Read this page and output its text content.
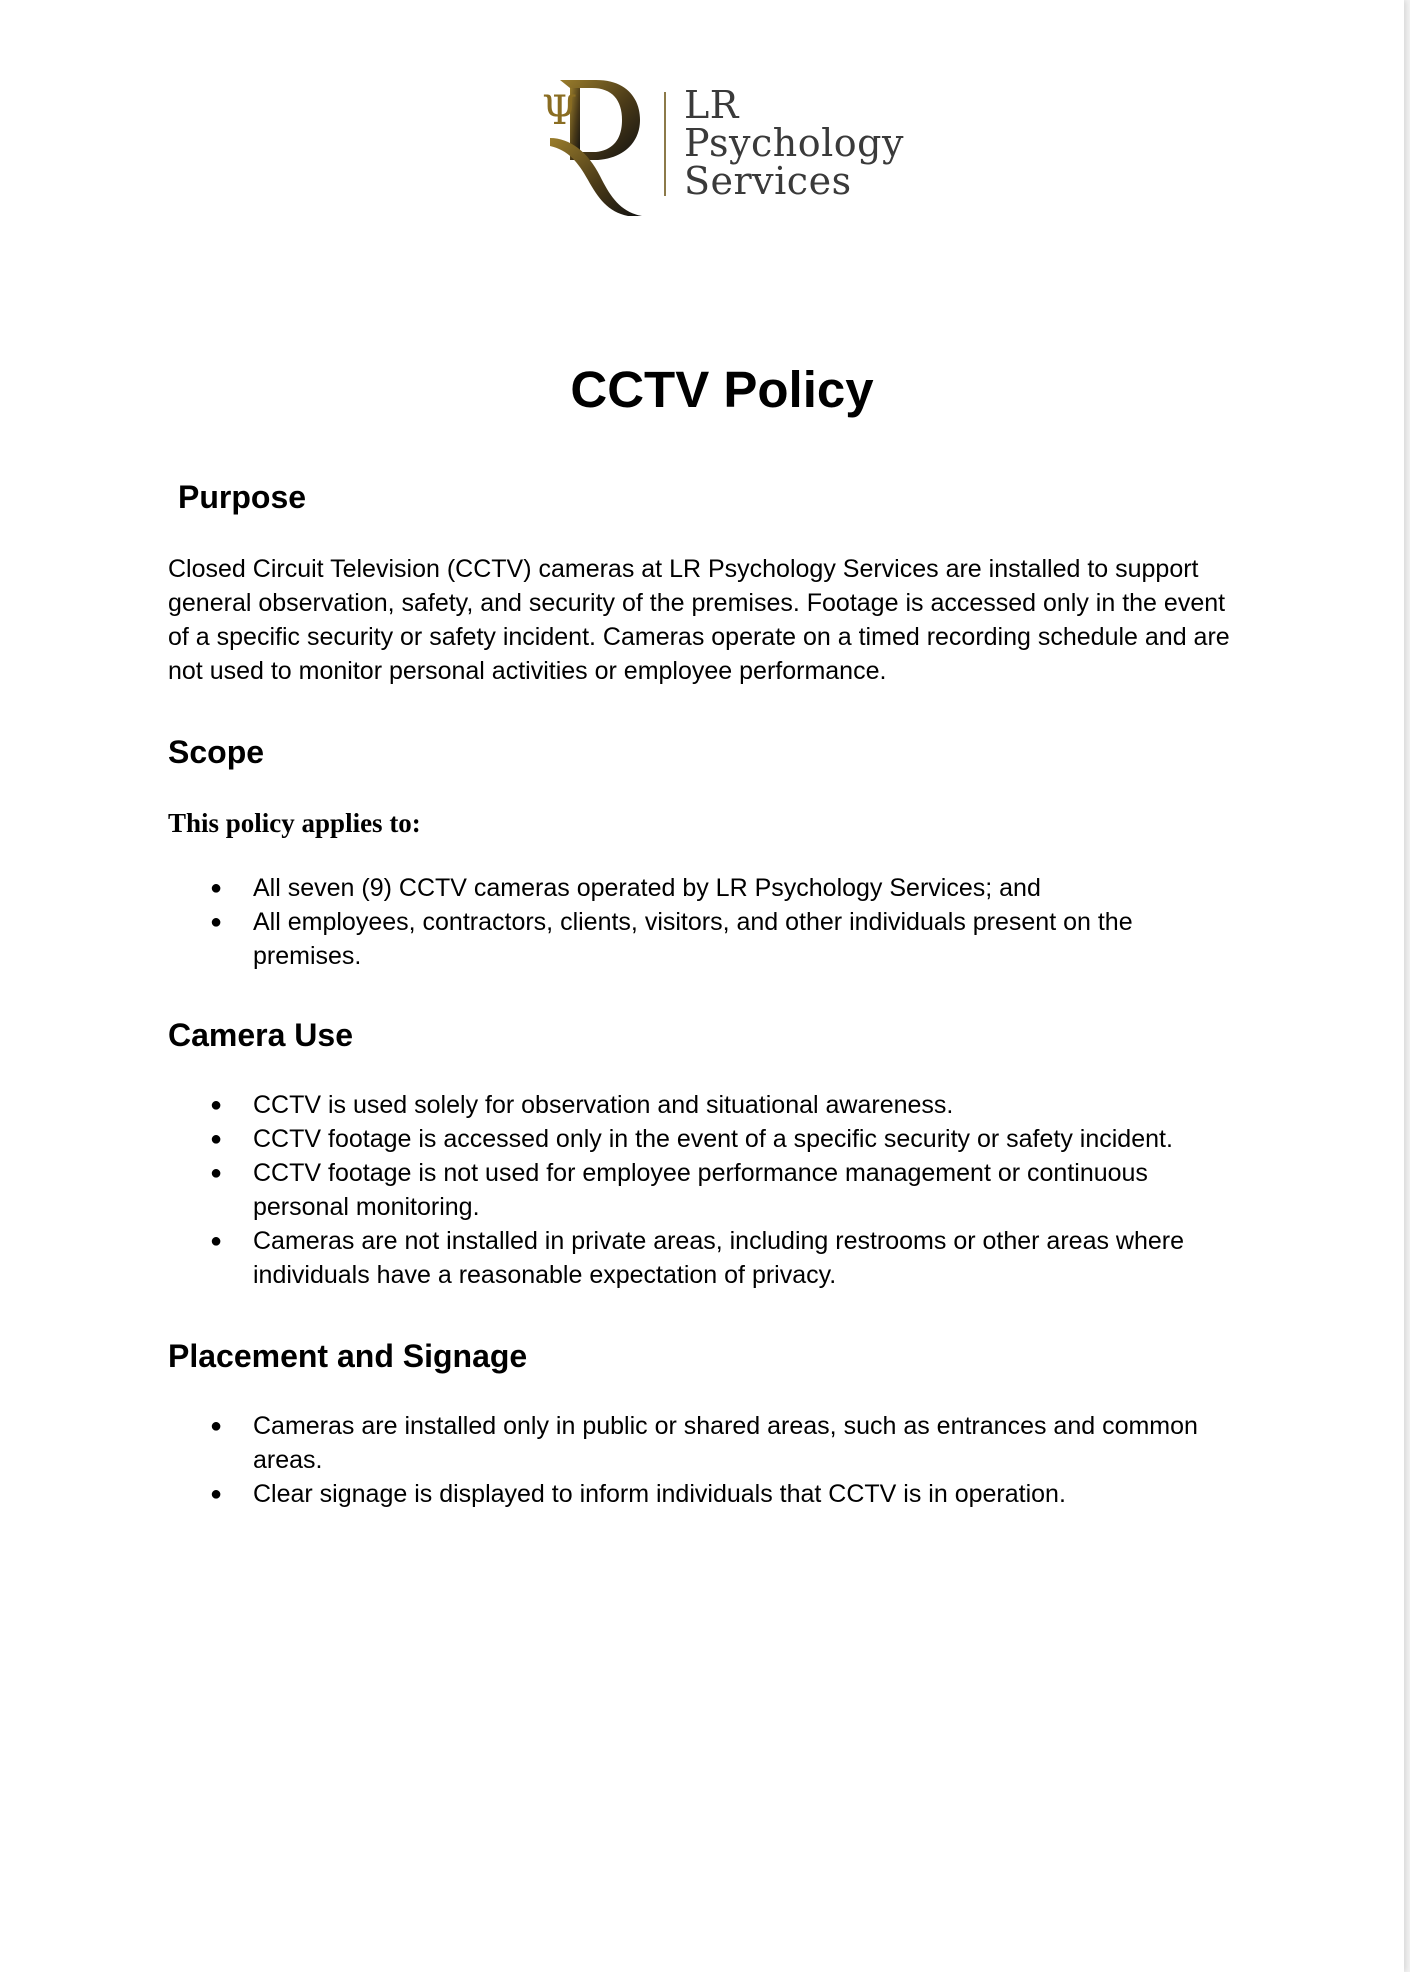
Ψ	LR
Psychology
Services
CCTV Policy
Purpose

Closed Circuit Television (CCTV) cameras at LR Psychology Services are installed to support general observation, safety, and security of the premises. Footage is accessed only in the event of a specific security or safety incident. Cameras operate on a timed recording schedule and are not used to monitor personal activities or employee performance.

Scope

This policy applies to:

● All seven (9) CCTV cameras operated by LR Psychology Services; and
● All employees, contractors, clients, visitors, and other individuals present on the premises.
Camera Use
● CCTV is used solely for observation and situational awareness.
● CCTV footage is accessed only in the event of a specific security or safety incident.
● CCTV footage is not used for employee performance management or continuous personal monitoring.
● Cameras are not installed in private areas, including restrooms or other areas where individuals have a reasonable expectation of privacy.
Placement and Signage
● Cameras are installed only in public or shared areas, such as entrances and common areas.
● Clear signage is displayed to inform individuals that CCTV is in operation.
